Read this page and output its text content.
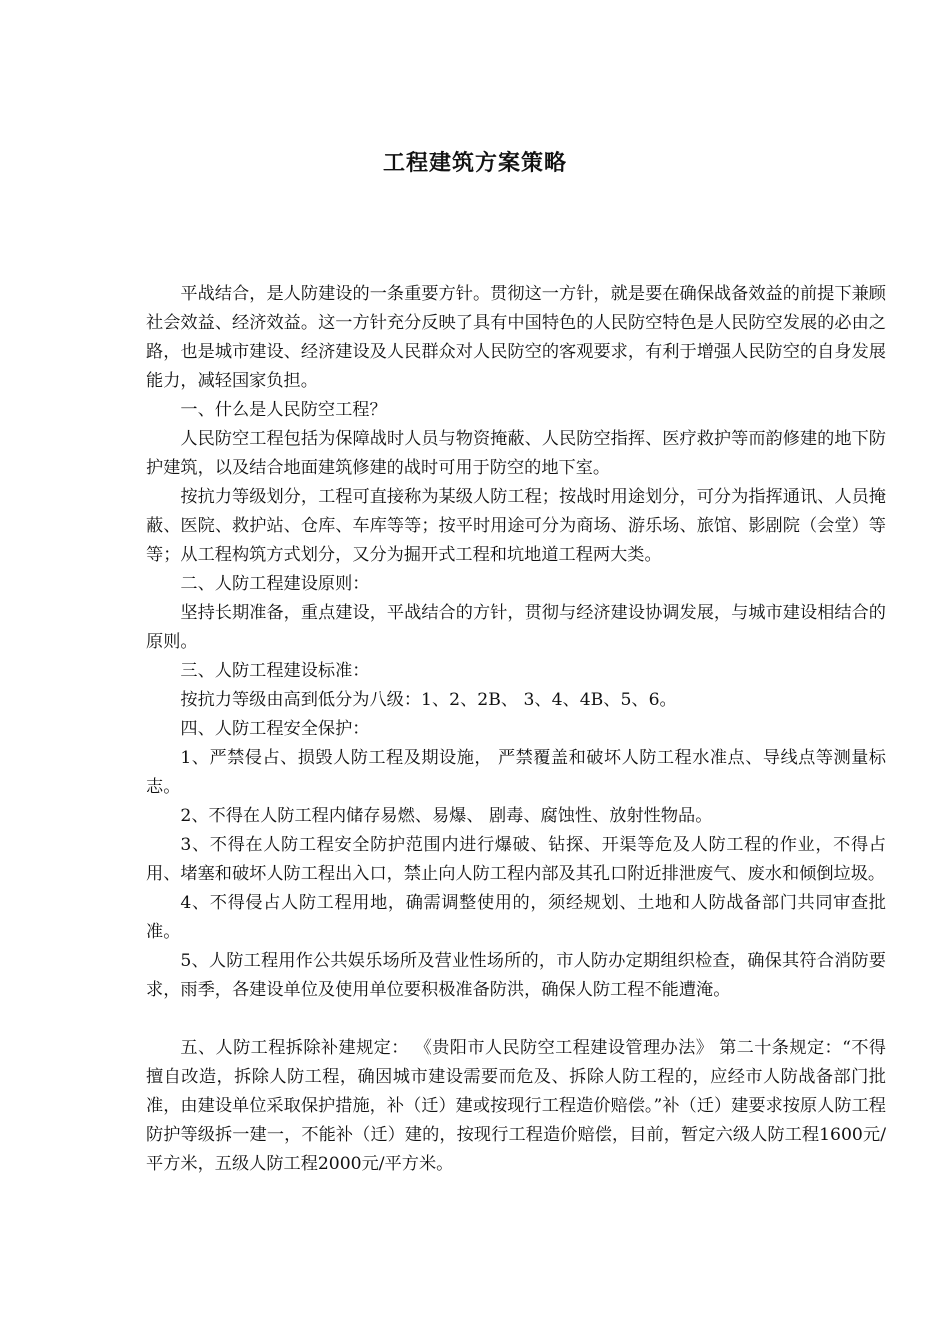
工程建筑方案策略

平战结合，是人防建设的一条重要方针。贯彻这一方针，就是要在确保战备效益的前提下兼顾社会效益、经济效益。这一方针充分反映了具有中国特色的人民防空特色是人民防空发展的必由之路，也是城市建设、经济建设及人民群众对人民防空的客观要求，有利于增强人民防空的自身发展能力，减轻国家负担。

一、什么是人民防空工程？

人民防空工程包括为保障战时人员与物资掩蔽、人民防空指挥、医疗救护等而韵修建的地下防护建筑，以及结合地面建筑修建的战时可用于防空的地下室。

按抗力等级划分，工程可直接称为某级人防工程；按战时用途划分，可分为指挥通讯、人员掩蔽、医院、救护站、仓库、车库等等；按平时用途可分为商场、游乐场、旅馆、影剧院（会堂）等等；从工程构筑方式划分，又分为掘开式工程和坑地道工程两大类。

二、人防工程建设原则：

坚持长期准备，重点建设，平战结合的方针，贯彻与经济建设协调发展，与城市建设相结合的原则。

三、人防工程建设标准：

按抗力等级由高到低分为八级：1、2、2B、 3、4、4B、5、6。

四、人防工程安全保护：

1、严禁侵占、损毁人防工程及期设施， 严禁覆盖和破坏人防工程水准点、导线点等测量标志。

2、不得在人防工程内储存易燃、易爆、 剧毒、腐蚀性、放射性物品。

3、不得在人防工程安全防护范围内进行爆破、钻探、开渠等危及人防工程的作业，不得占用、堵塞和破坏人防工程出入口，禁止向人防工程内部及其孔口附近排泄废气、废水和倾倒垃圾。

4、不得侵占人防工程用地，确需调整使用的，须经规划、土地和人防战备部门共同审查批准。

5、人防工程用作公共娱乐场所及营业性场所的，市人防办定期组织检查，确保其符合消防要求，雨季，各建设单位及使用单位要积极准备防洪，确保人防工程不能遭淹。

五、人防工程拆除补建规定： 《贵阳市人民防空工程建设管理办法》 第二十条规定：“不得擅自改造，拆除人防工程，确因城市建设需要而危及、拆除人防工程的，应经市人防战备部门批准，由建设单位采取保护措施，补（迁）建或按现行工程造价赔偿。”补（迁）建要求按原人防工程防护等级拆一建一，不能补（迁）建的，按现行工程造价赔偿，目前，暂定六级人防工程1600元/平方米，五级人防工程2000元/平方米。
